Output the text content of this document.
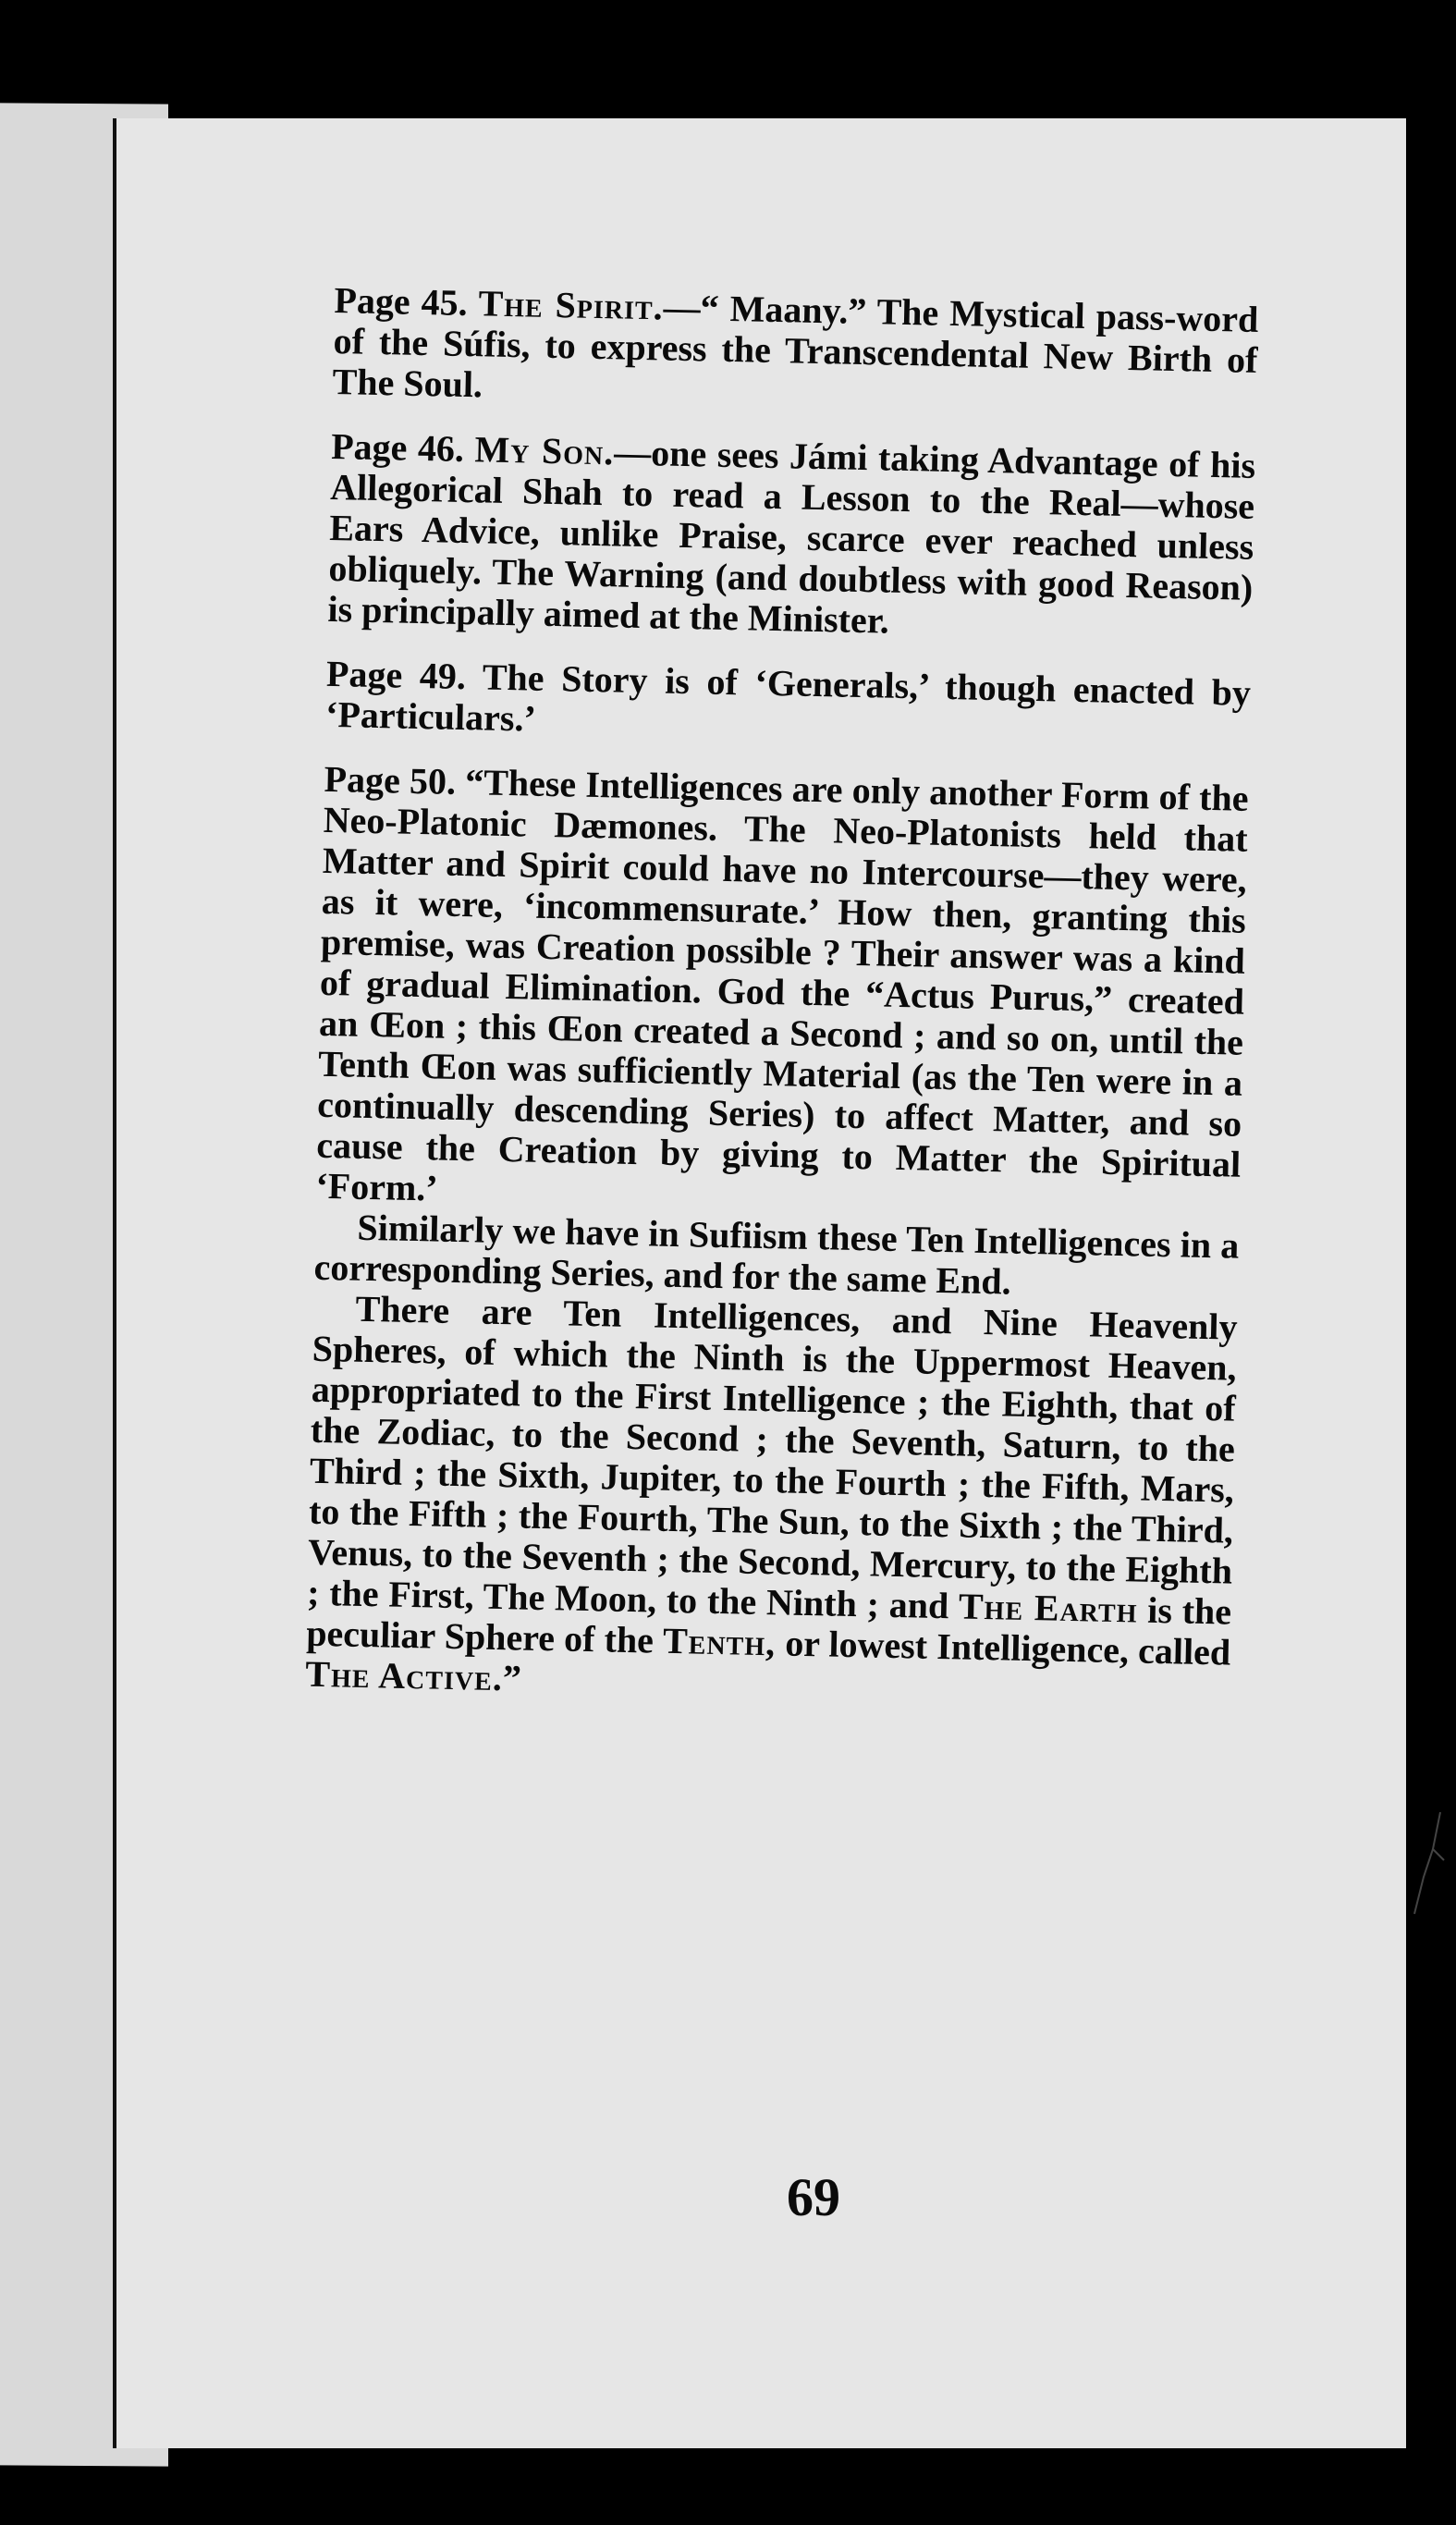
Page 45. The Spirit.—“ Maany.” The Mystical pass-word of the Súfis, to express the Transcendental New Birth of The Soul.

Page 46. My Son.—one sees Jámi taking Advantage of his Allegorical Shah to read a Lesson to the Real—whose Ears Advice, unlike Praise, scarce ever reached unless obliquely. The Warning (and doubtless with good Reason) is principally aimed at the Minister.

Page 49. The Story is of ‘Generals,’ though enacted by ‘Particulars.’

Page 50. “These Intelligences are only another Form of the Neo-Platonic Dæmones. The Neo-Platonists held that Matter and Spirit could have no Intercourse—they were, as it were, ‘incommensurate.’ How then, granting this premise, was Creation possible ? Their answer was a kind of gradual Elimination. God the “Actus Purus,” created an Œon ; this Œon created a Second ; and so on, until the Tenth Œon was sufficiently Material (as the Ten were in a continually descending Series) to affect Matter, and so cause the Creation by giving to Matter the Spiritual ‘Form.’

Similarly we have in Sufiism these Ten Intelligences in a corresponding Series, and for the same End.

There are Ten Intelligences, and Nine Heavenly Spheres, of which the Ninth is the Uppermost Heaven, appropriated to the First Intelligence ; the Eighth, that of the Zodiac, to the Second ; the Seventh, Saturn, to the Third ; the Sixth, Jupiter, to the Fourth ; the Fifth, Mars, to the Fifth ; the Fourth, The Sun, to the Sixth ; the Third, Venus, to the Seventh ; the Second, Mercury, to the Eighth ; the First, The Moon, to the Ninth ; and The Earth is the peculiar Sphere of the Tenth, or lowest Intelligence, called The Active.”

69
